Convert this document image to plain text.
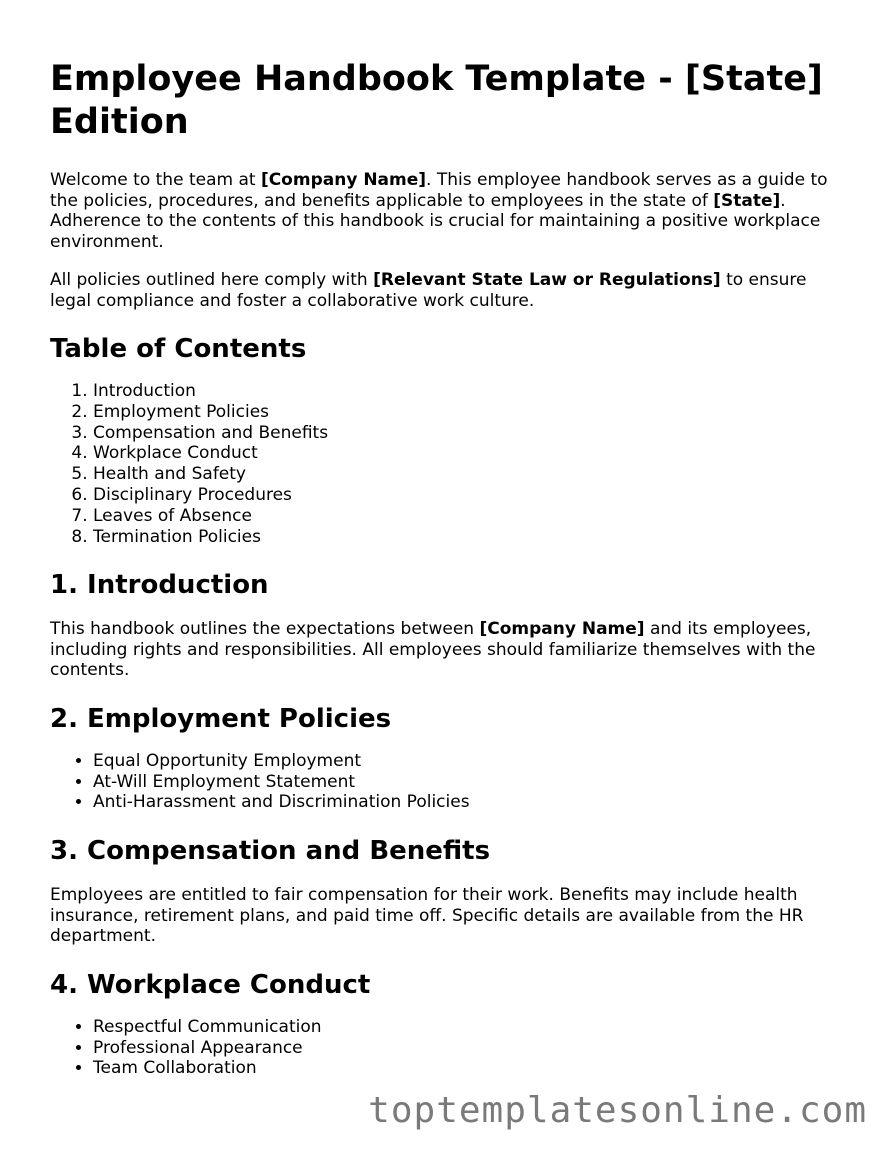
Employee Handbook Template - [State] Edition

Welcome to the team at [Company Name]. This employee handbook serves as a guide to the policies, procedures, and benefits applicable to employees in the state of [State]. Adherence to the contents of this handbook is crucial for maintaining a positive workplace environment.

All policies outlined here comply with [Relevant State Law or Regulations] to ensure legal compliance and foster a collaborative work culture.

Table of Contents
1. Introduction
2. Employment Policies
3. Compensation and Benefits
4. Workplace Conduct
5. Health and Safety
6. Disciplinary Procedures
7. Leaves of Absence
8. Termination Policies
1. Introduction

This handbook outlines the expectations between [Company Name] and its employees, including rights and responsibilities. All employees should familiarize themselves with the contents.

2. Employment Policies
• Equal Opportunity Employment
• At-Will Employment Statement
• Anti-Harassment and Discrimination Policies
3. Compensation and Benefits

Employees are entitled to fair compensation for their work. Benefits may include health insurance, retirement plans, and paid time off. Specific details are available from the HR department.

4. Workplace Conduct
• Respectful Communication
• Professional Appearance
• Team Collaboration
toptemplatesonline.com
